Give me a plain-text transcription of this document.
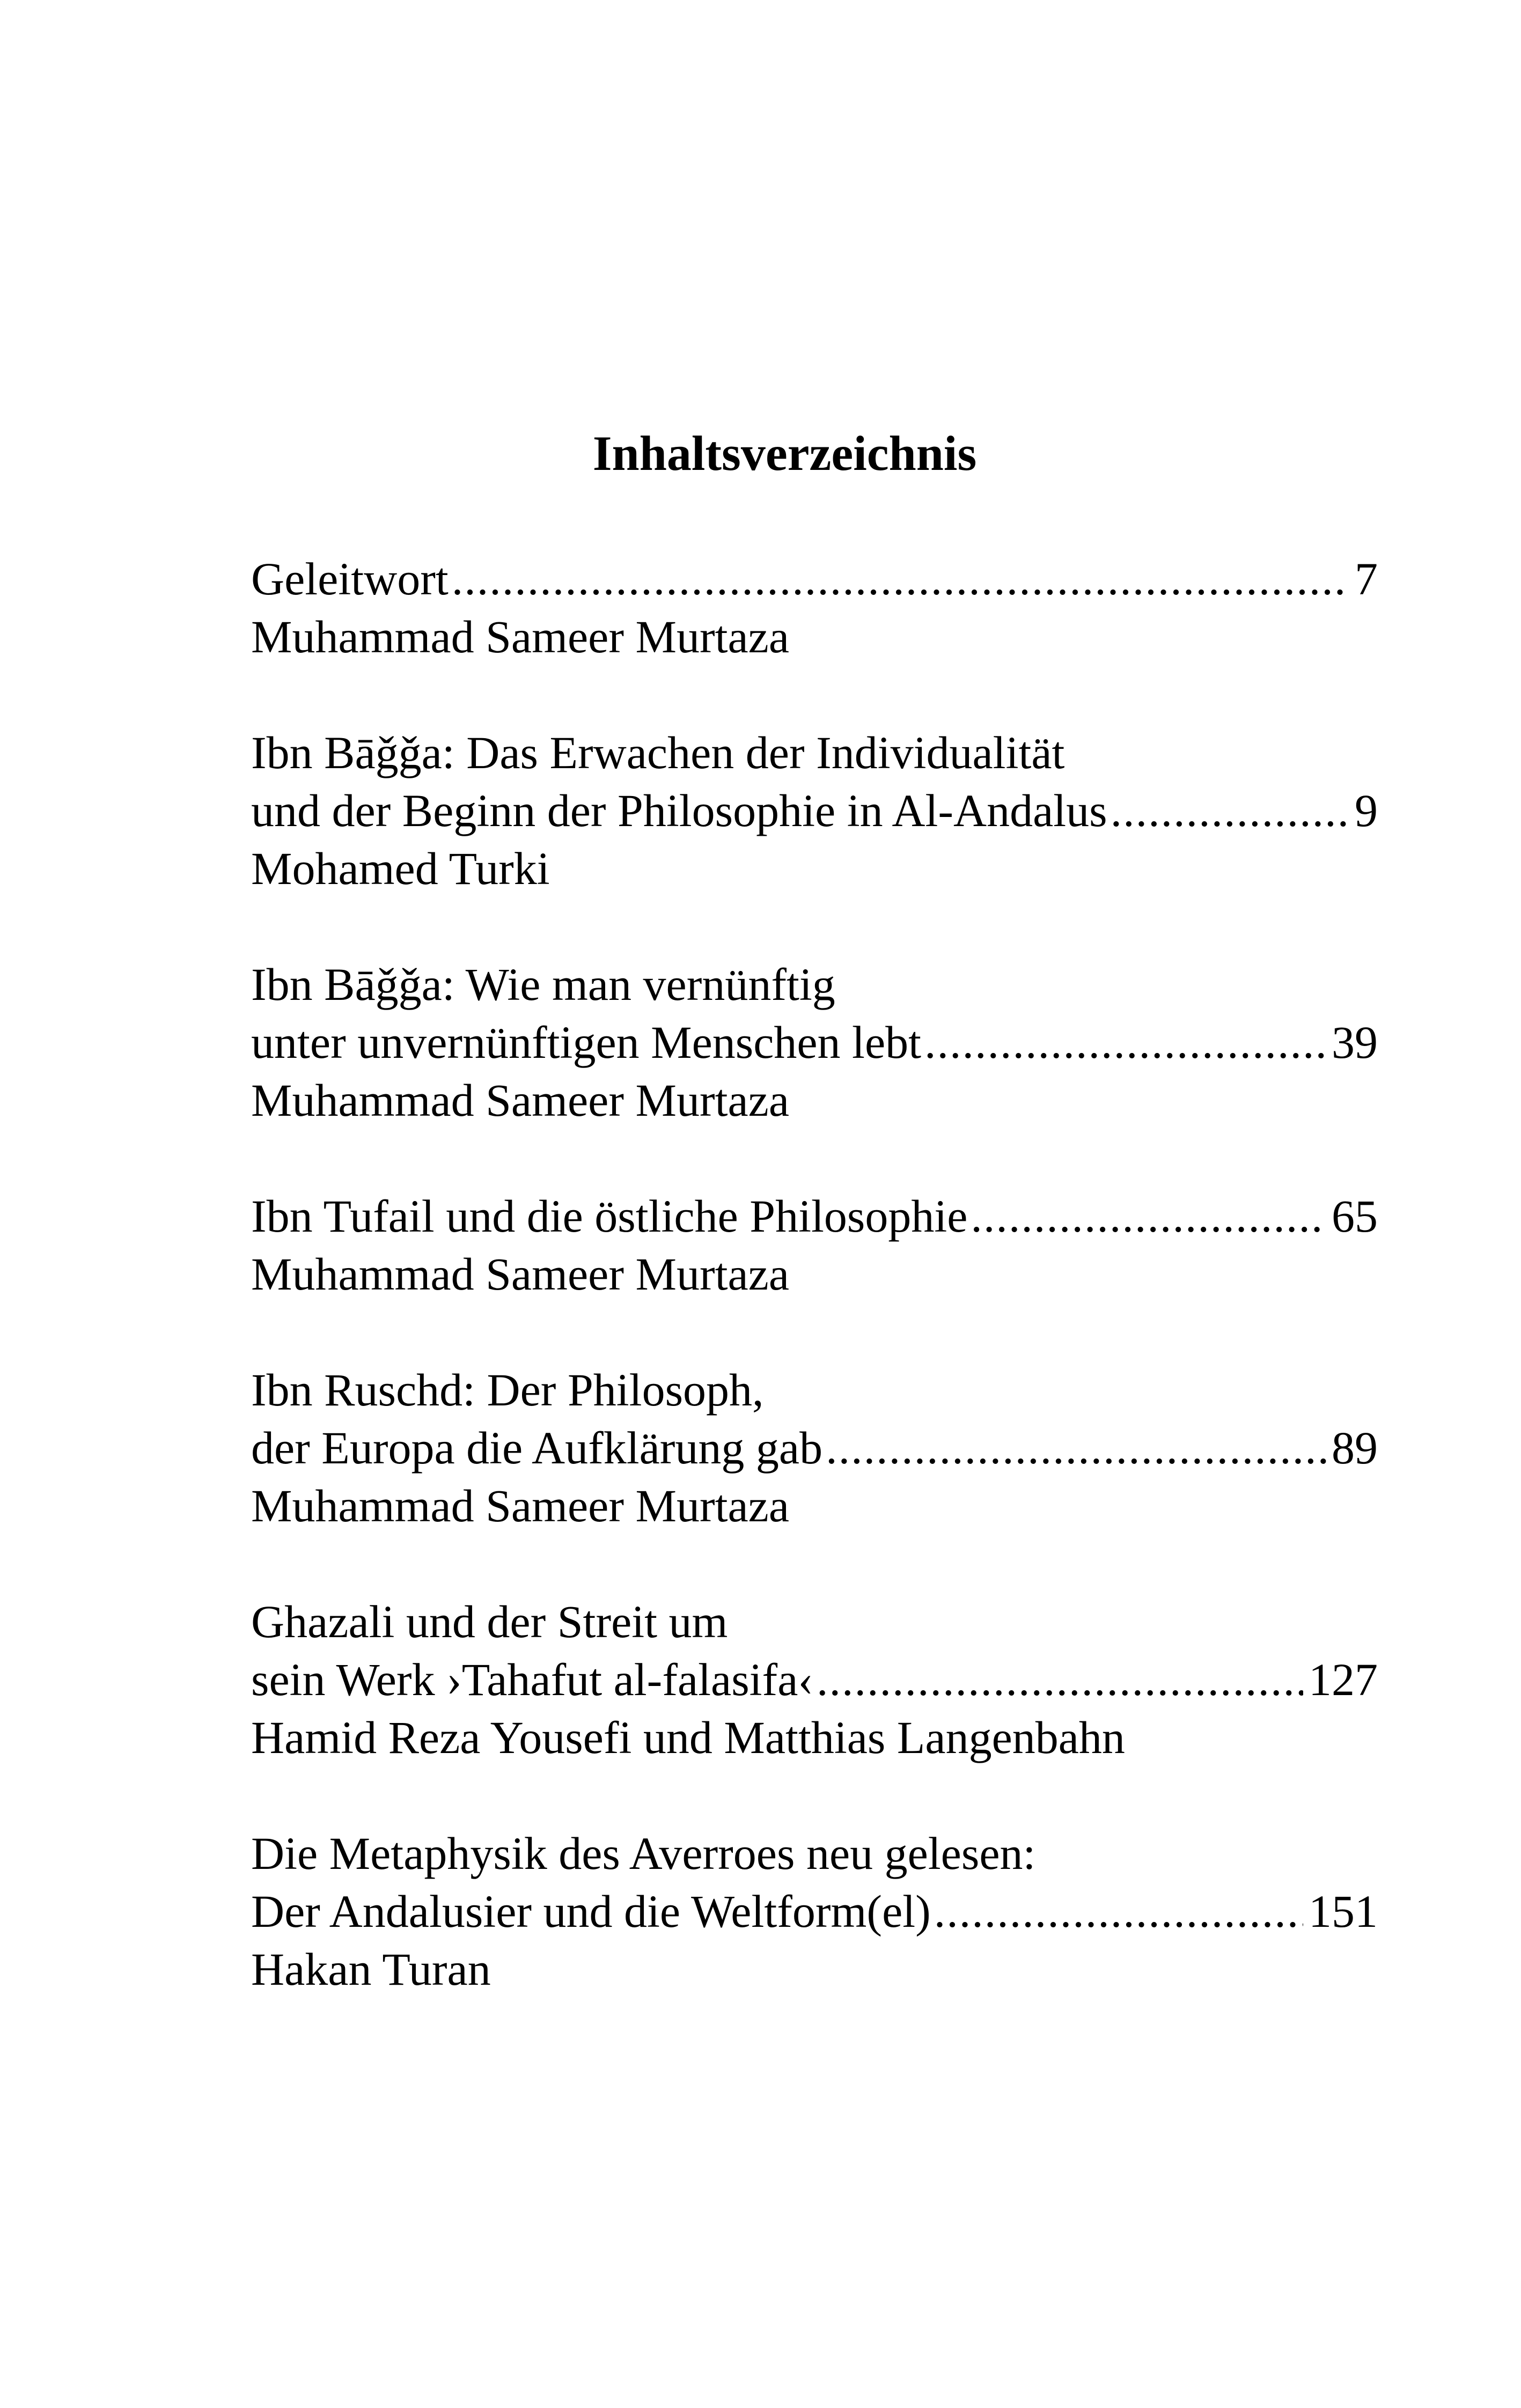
Inhaltsverzeichnis
Geleitwort .....	7
Muhammad Sameer Murtaza
Ibn Bāǧǧa: Das Erwachen der Individualität
und der Beginn der Philosophie in Al-Andalus .....	9
Mohamed Turki
Ibn Bāǧǧa: Wie man vernünftig
unter unvernünftigen Menschen lebt .....	39
Muhammad Sameer Murtaza
Ibn Tufail und die östliche Philosophie .....	65
Muhammad Sameer Murtaza
Ibn Ruschd: Der Philosoph,
der Europa die Aufklärung gab .....	89
Muhammad Sameer Murtaza
Ghazali und der Streit um
sein Werk ›Tahafut al-falasifa‹ .....	127
Hamid Reza Yousefi und Matthias Langenbahn
Die Metaphysik des Averroes neu gelesen:
Der Andalusier und die Weltform(el) .....	151
Hakan Turan
